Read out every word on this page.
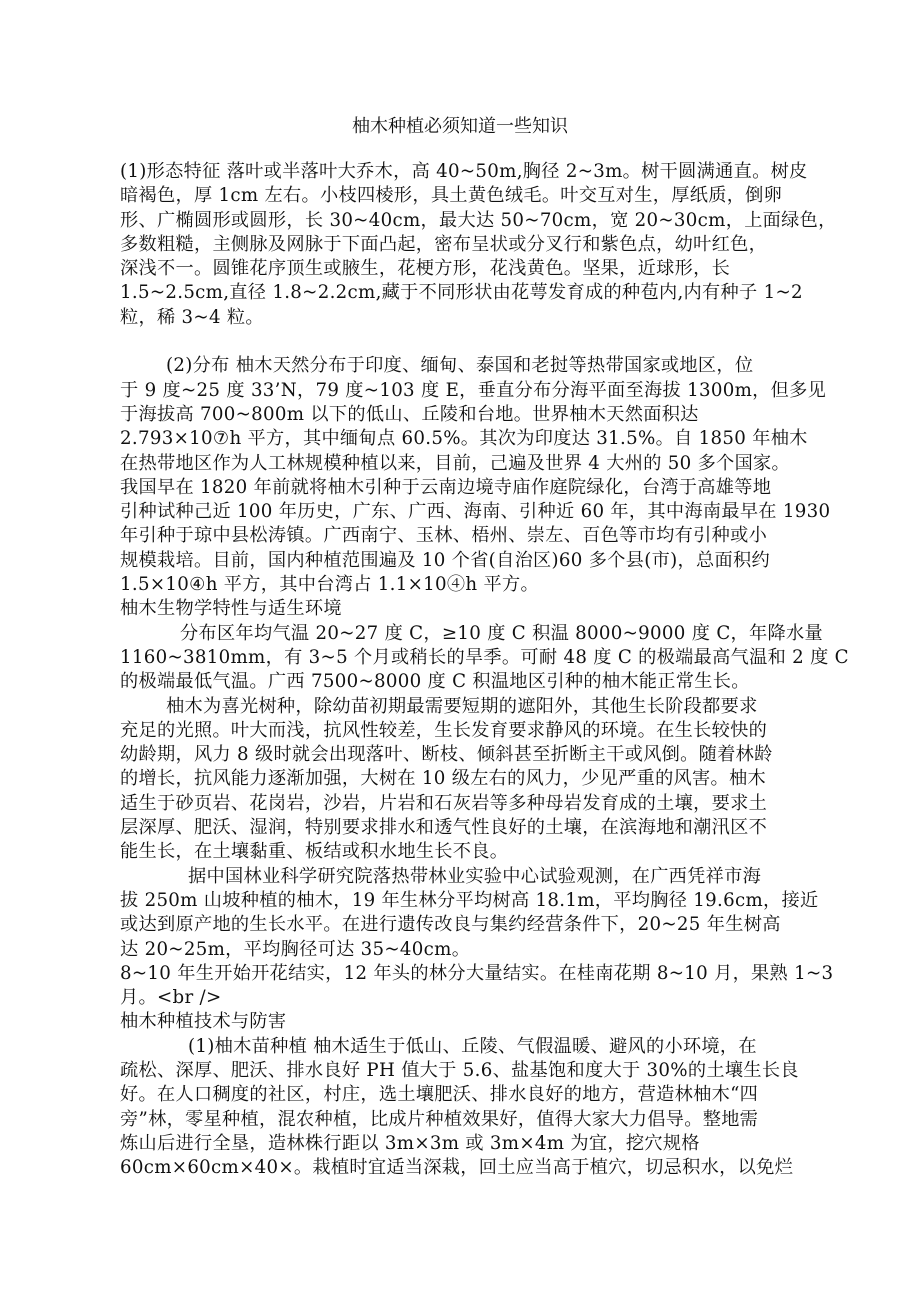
柚木种植必须知道一些知识
(1)形态特征 落叶或半落叶大乔木，高 40~50m,胸径 2~3m。树干圆满通直。树皮
暗褐色，厚 1cm 左右。小枝四棱形，具土黄色绒毛。叶交互对生，厚纸质，倒卵
形、广椭圆形或圆形，长 30~40cm，最大达 50~70cm，宽 20~30cm，上面绿色，
多数粗糙，主侧脉及网脉于下面凸起，密布呈状或分叉行和紫色点，幼叶红色，
深浅不一。圆锥花序顶生或腋生，花梗方形，花浅黄色。坚果，近球形，长
1.5~2.5cm,直径 1.8~2.2cm,藏于不同形状由花萼发育成的种苞内,内有种子 1~2
粒，稀 3~4 粒。
(2)分布 柚木天然分布于印度、缅甸、泰国和老挝等热带国家或地区，位
于 9 度~25 度 33’N，79 度~103 度 E，垂直分布分海平面至海拔 1300m，但多见
于海拔高 700~800m 以下的低山、丘陵和台地。世界柚木天然面积达
2.793×10⑦h 平方，其中缅甸点 60.5%。其次为印度达 31.5%。自 1850 年柚木
在热带地区作为人工林规模种植以来，目前，己遍及世界 4 大州的 50 多个国家。
我国早在 1820 年前就将柚木引种于云南边境寺庙作庭院绿化，台湾于高雄等地
引种试种己近 100 年历史，广东、广西、海南、引种近 60 年，其中海南最早在 1930
年引种于琼中县松涛镇。广西南宁、玉林、梧州、崇左、百色等市均有引种或小
规模栽培。目前，国内种植范围遍及 10 个省(自治区)60 多个县(市)，总面积约
1.5×10④h 平方，其中台湾占 1.1×10④h 平方。
柚木生物学特性与适生环境
分布区年均气温 20~27 度 C，≥10 度 C 积温 8000~9000 度 C，年降水量
1160~3810mm，有 3~5 个月或稍长的旱季。可耐 48 度 C 的极端最高气温和 2 度 C
的极端最低气温。广西 7500~8000 度 C 积温地区引种的柚木能正常生长。
柚木为喜光树种，除幼苗初期最需要短期的遮阳外，其他生长阶段都要求
充足的光照。叶大而浅，抗风性较差，生长发育要求静风的环境。在生长较快的
幼龄期，风力 8 级时就会出现落叶、断枝、倾斜甚至折断主干或风倒。随着林龄
的增长，抗风能力逐渐加强，大树在 10 级左右的风力，少见严重的风害。柚木
适生于砂页岩、花岗岩，沙岩，片岩和石灰岩等多种母岩发育成的土壤，要求土
层深厚、肥沃、湿润，特别要求排水和透气性良好的土壤，在滨海地和潮汛区不
能生长，在土壤黏重、板结或积水地生长不良。
据中国林业科学研究院落热带林业实验中心试验观测，在广西凭祥市海
拔 250m 山坡种植的柚木，19 年生林分平均树高 18.1m，平均胸径 19.6cm，接近
或达到原产地的生长水平。在进行遗传改良与集约经营条件下，20~25 年生树高
达 20~25m，平均胸径可达 35~40cm。
8~10 年生开始开花结实，12 年头的林分大量结实。在桂南花期 8~10 月，果熟 1~3
月。<br />
柚木种植技术与防害
(1)柚木苗种植 柚木适生于低山、丘陵、气假温暖、避风的小环境，在
疏松、深厚、肥沃、排水良好 PH 值大于 5.6、盐基饱和度大于 30%的土壤生长良
好。在人口稠度的社区，村庄，选土壤肥沃、排水良好的地方，营造林柚木“四
旁”林，零星种植，混农种植，比成片种植效果好，值得大家大力倡导。整地需
炼山后进行全垦，造林株行距以 3m×3m 或 3m×4m 为宜，挖穴规格
60cm×60cm×40×。栽植时宜适当深栽，回土应当高于植穴，切忌积水，以免烂
